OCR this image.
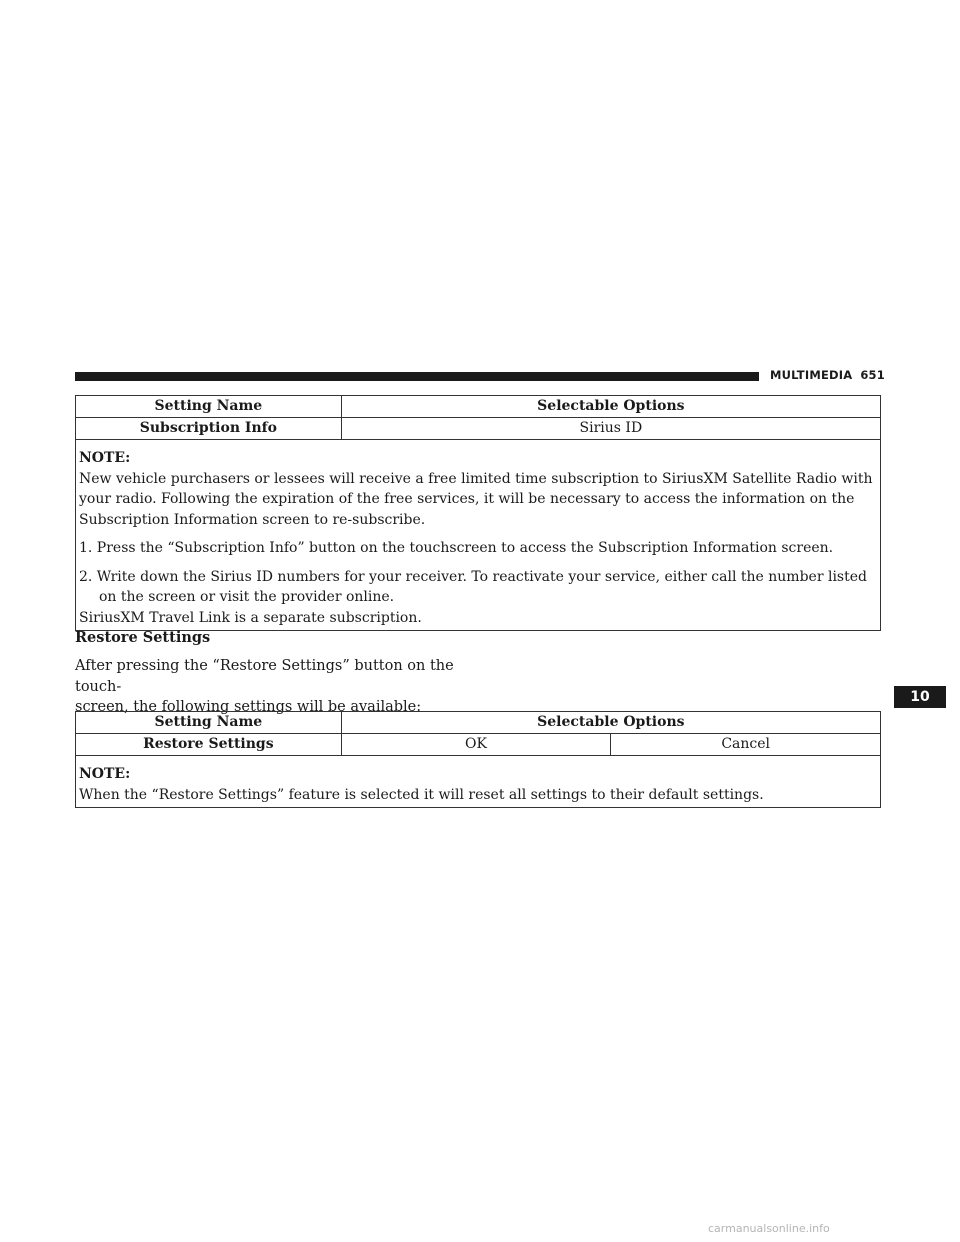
MULTIMEDIA 651
Setting Name	Selectable Options
Subscription Info	Sirius ID

NOTE:

New vehicle purchasers or lessees will receive a free limited time subscription to SiriusXM Satellite Radio with your radio. Following the expiration of the free services, it will be necessary to access the information on the Subscription Information screen to re-subscribe.

1. Press the “Subscription Info” button on the touchscreen to access the Subscription Information screen.
2. Write down the Sirius ID numbers for your receiver. To reactivate your service, either call the number listed on the screen or visit the provider online.

SiriusXM Travel Link is a separate subscription.	

Restore Settings
After pressing the “Restore Settings” button on the touch-
screen, the following settings will be available:
Setting Name	Selectable Options	
Restore Settings	OK	Cancel

NOTE:

When the “Restore Settings” feature is selected it will reset all settings to their default settings.		

10
carmanualsonline.info
